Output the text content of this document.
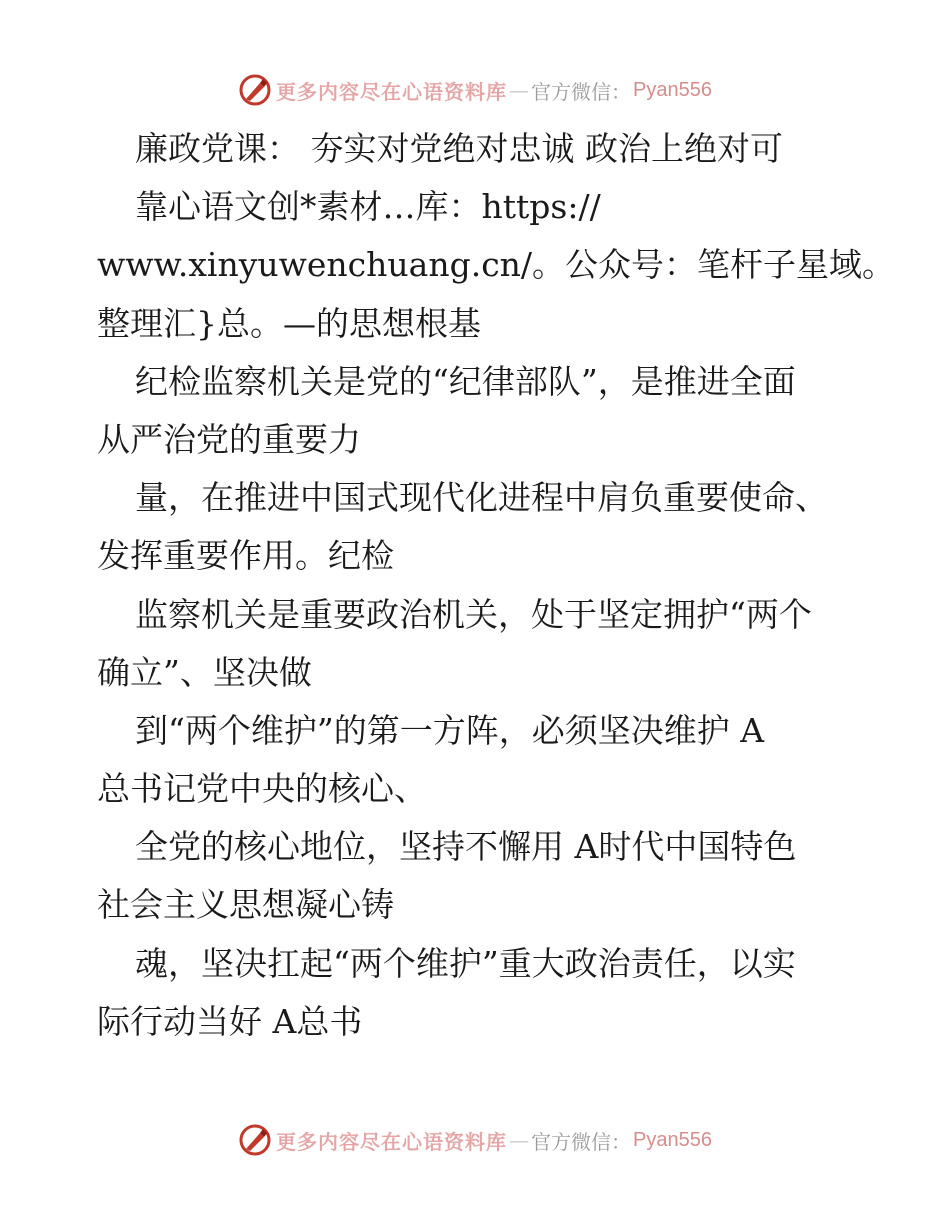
更多内容尽在心语资料库 — 官方微信： Pyan556
廉政党课： 夯实对党绝对忠诚 政治上绝对可
靠心语文创*素材…库：https://
www.xinyuwenchuang.cn/。公众号：笔杆子星域。
整理汇}总。—的思想根基
纪检监察机关是党的“纪律部队”，是推进全面
从严治党的重要力
量，在推进中国式现代化进程中肩负重要使命、
发挥重要作用。纪检
监察机关是重要政治机关，处于坚定拥护“两个
确立”、坚决做
到“两个维护”的第一方阵，必须坚决维护 A
总书记党中央的核心、
全党的核心地位，坚持不懈用 A时代中国特色
社会主义思想凝心铸
魂，坚决扛起“两个维护”重大政治责任，以实
际行动当好 A总书
更多内容尽在心语资料库 — 官方微信： Pyan556
